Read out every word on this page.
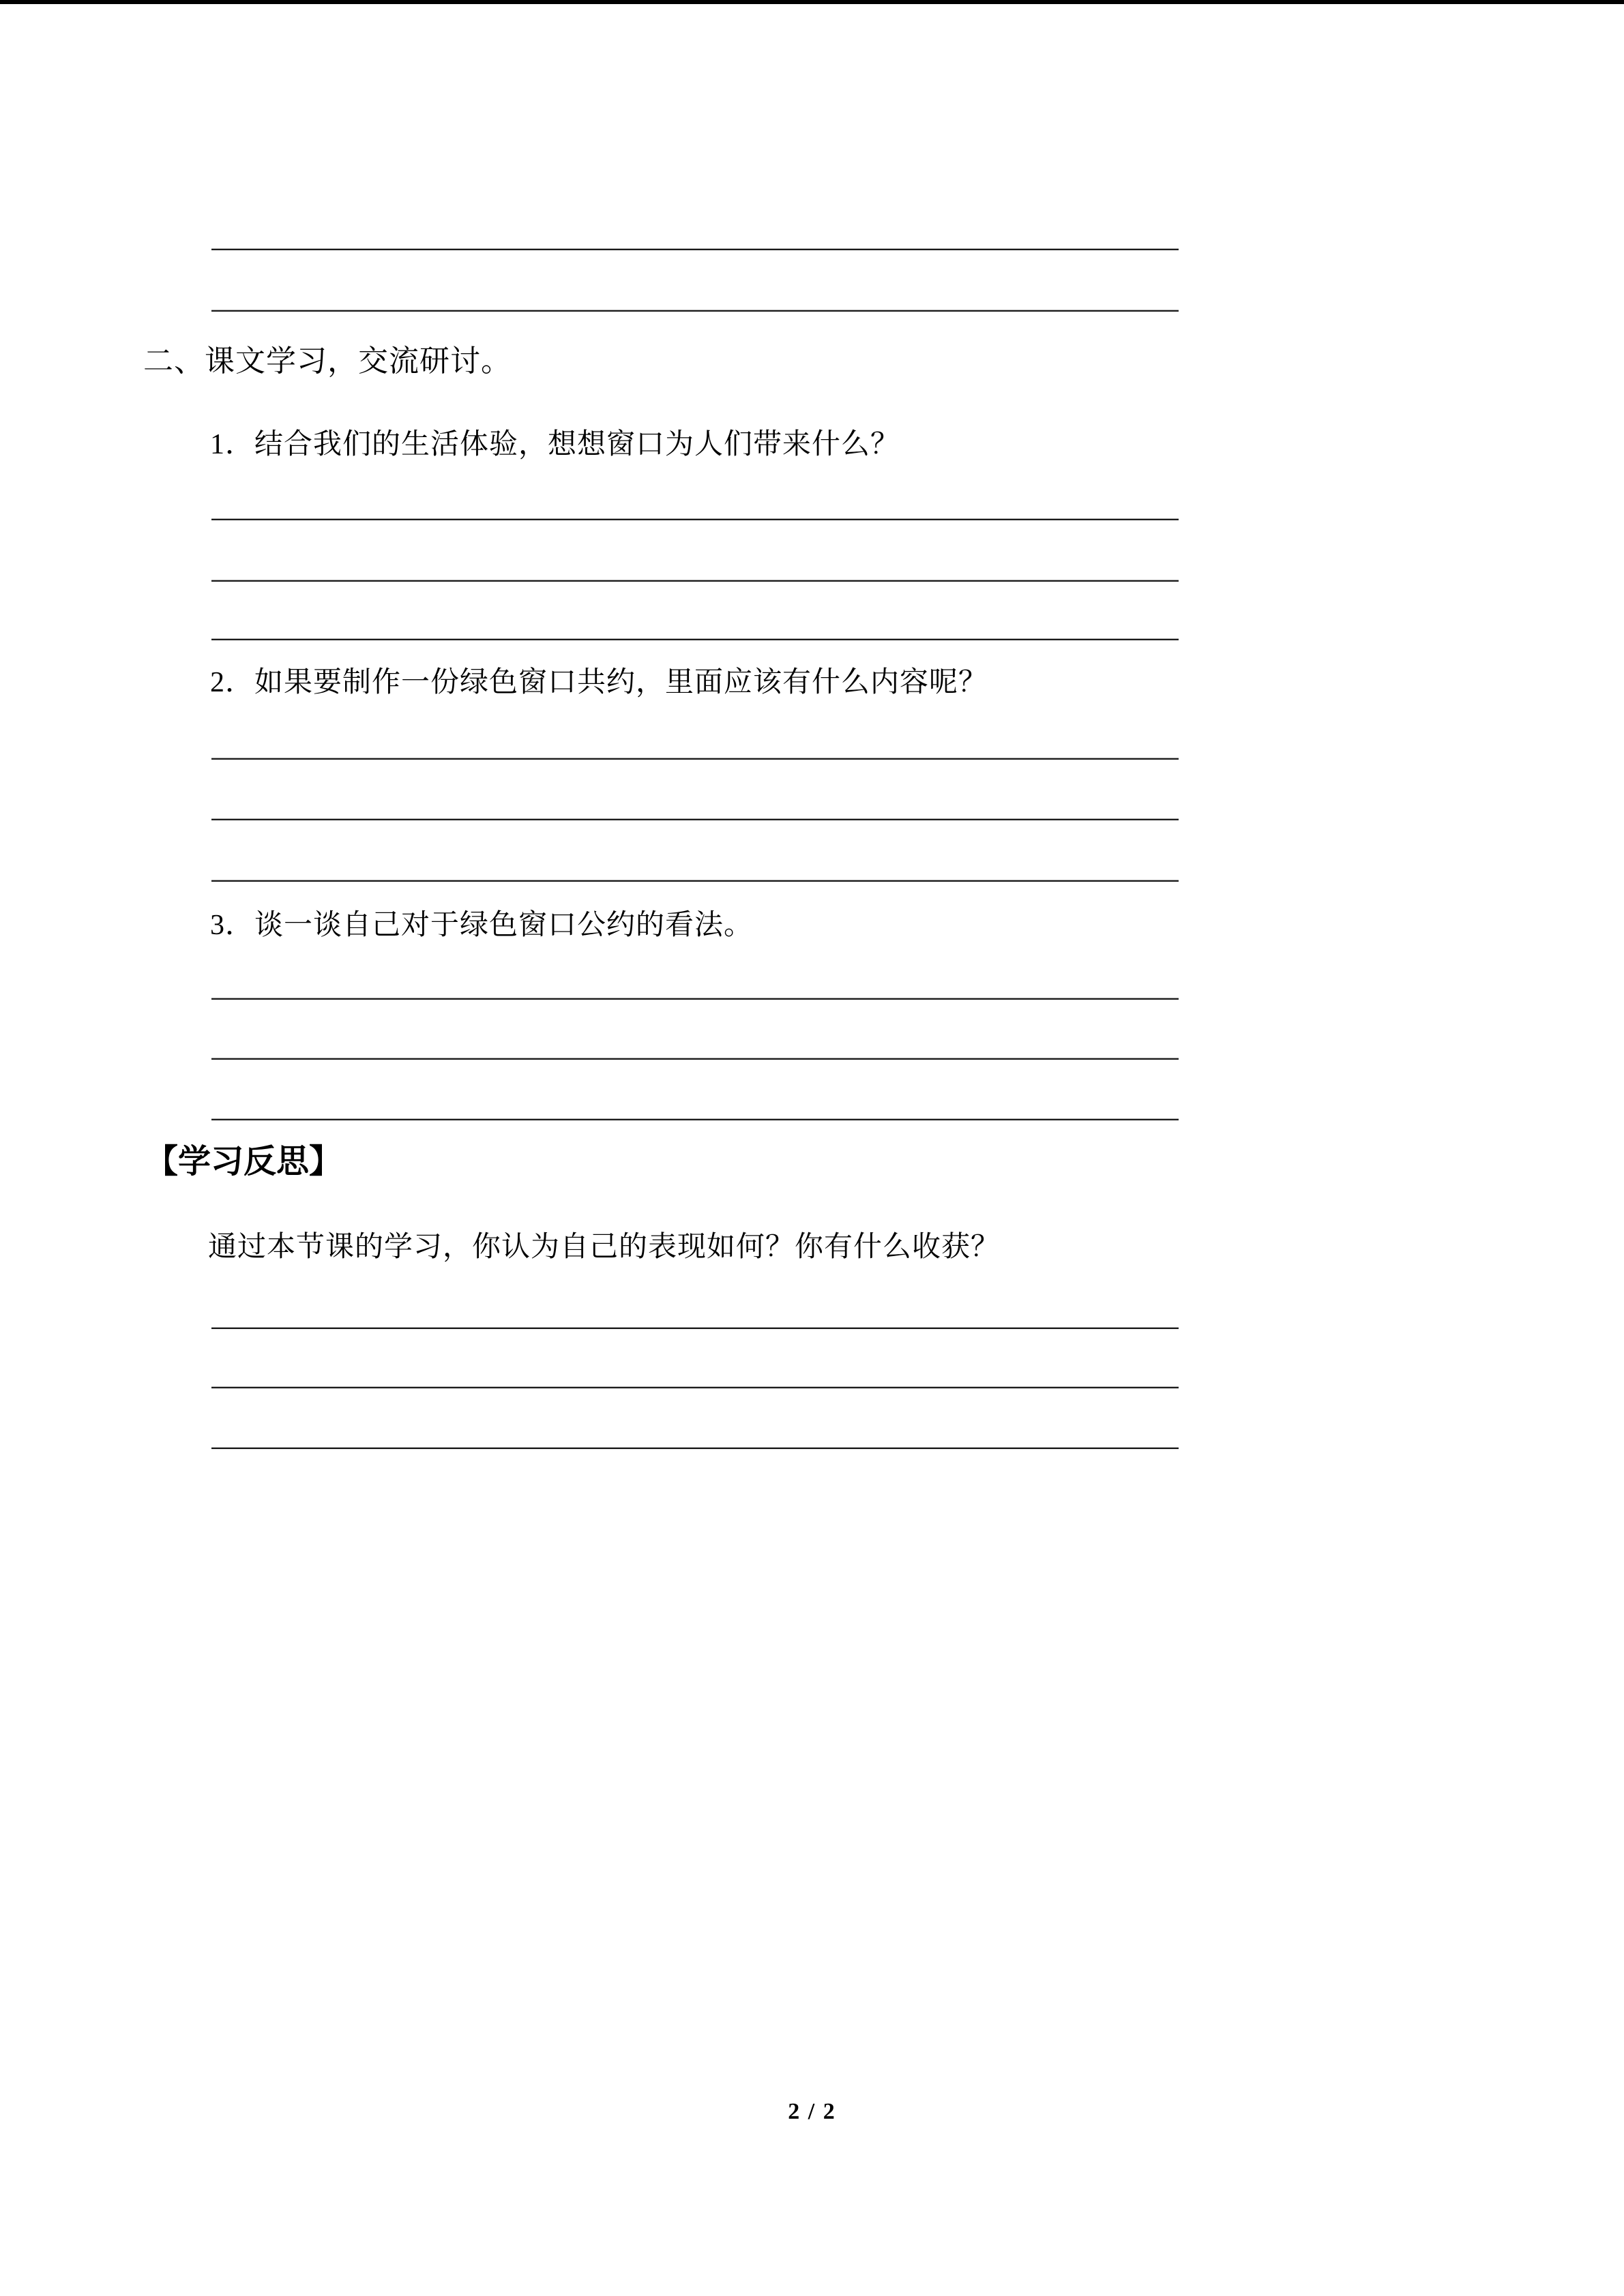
二、课文学习，交流研讨。
1．结合我们的生活体验，想想窗口为人们带来什么？
2．如果要制作一份绿色窗口共约，里面应该有什么内容呢？
3．谈一谈自己对于绿色窗口公约的看法。
【学习反思】
通过本节课的学习，你认为自己的表现如何？你有什么收获？
2 / 2
